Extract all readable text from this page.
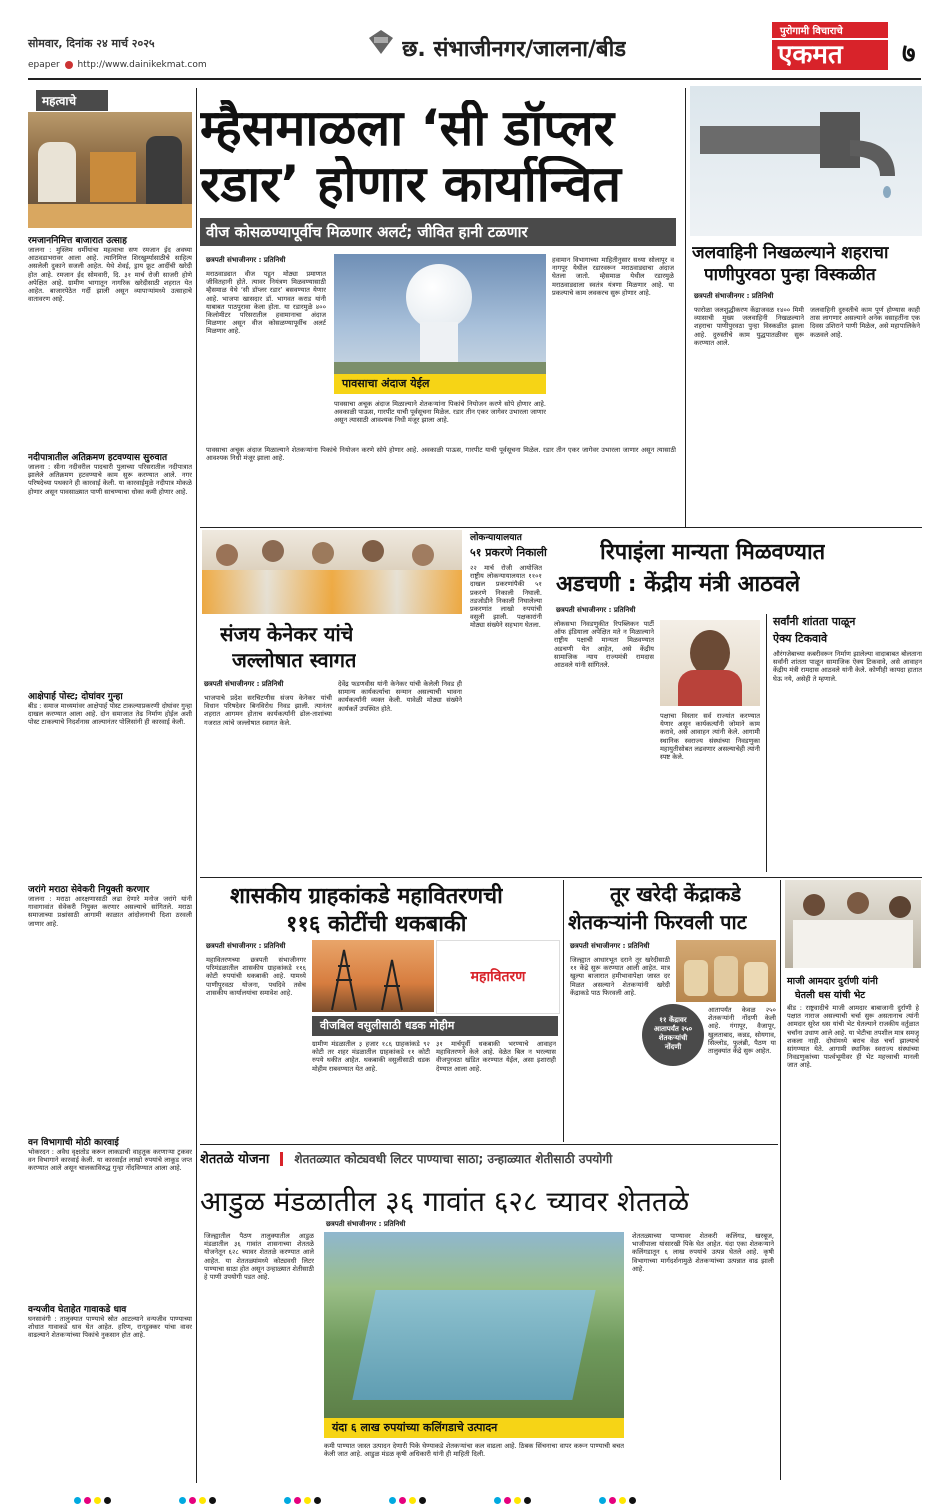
सोमवार, दिनांक २४ मार्च २०२५
epaper http://www.dainikekmat.com
छ. संभाजीनगर/जालना/बीड
पुरोगामी विचाराचे
एकमत	७
महत्वाचे
रमजाननिमित्त बाजारात उत्साह
जालना : मुस्लिम धर्मीयांचा महत्वाचा सण रमजान ईद अवघ्या आठवडाभरावर आला आहे. त्यानिमित्त शिरखुर्म्यासाठीचे साहित्य असलेली दुकाने सजली आहेत. येथे शेवई, ड्राय फ्रूट आदींची खरेदी होत आहे. रमजान ईद सोमवारी, दि. ३१ मार्च रोजी साजरी होणे अपेक्षित आहे. ग्रामीण भागातून नागरिक खरेदीसाठी शहरात येत आहेत. बाजारपेठेत गर्दी झाली असून व्यापाऱ्यांमध्ये उत्साहाचे वातावरण आहे.
नदीपात्रातील अतिक्रमण हटवण्यास सुरुवात
जालना : सीना नदीवरील पादचारी पुलाच्या परिसरातील नदीपात्रात झालेले अतिक्रमण हटवण्याचे काम सुरू करण्यात आले. नगर परिषदेच्या पथकाने ही कारवाई केली. या कारवाईमुळे नदीपात्र मोकळे होणार असून पावसाळ्यात पाणी साचण्याचा धोका कमी होणार आहे.
आक्षेपार्ह पोस्ट; दोघांवर गुन्हा
बीड : समाज माध्यमांवर आक्षेपार्ह पोस्ट टाकल्याप्रकरणी दोघांवर गुन्हा दाखल करण्यात आला आहे. दोन समाजात तेढ निर्माण होईल अशी पोस्ट टाकल्याचे निदर्शनास आल्यानंतर पोलिसांनी ही कारवाई केली.
जरांगे मराठा सेवेकरी नियुक्ती करणार
जालना : मराठा आरक्षणासाठी लढा देणारे मनोज जरांगे यांनी गावागावांत सेवेकरी नियुक्त करणार असल्याचे सांगितले. मराठा समाजाच्या प्रश्नांसाठी आगामी काळात आंदोलनाची दिशा ठरवली जाणार आहे.
वन विभागाची मोठी कारवाई
भोकरदन : अवैध वृक्षतोड करून लाकडाची वाहतूक करणाऱ्या ट्रकवर वन विभागाने कारवाई केली. या कारवाईत लाखो रुपयांचे लाकूड जप्त करण्यात आले असून चालकाविरुद्ध गुन्हा नोंदविण्यात आला आहे.
वन्यजीव घेताहेत गावाकडे धाव
घनसावंगी : तालुक्यात पाण्याचे स्रोत आटल्याने वन्यजीव पाण्याच्या शोधात गावाकडे धाव घेत आहेत. हरिण, रानडुक्कर यांचा वावर वाढल्याने शेतकऱ्यांच्या पिकांचे नुकसान होत आहे.
म्हैसमाळला ‘सी डॉप्लर
रडार’ होणार कार्यान्वित
वीज कोसळण्यापूर्वीच मिळणार अलर्ट; जीवित हानी टळणार
छत्रपती संभाजीनगर : प्रतिनिधी
मराठवाड्यात वीज पडून मोठ्या प्रमाणात जीवितहानी होते. त्यावर नियंत्रण मिळवण्यासाठी म्हैसमाळ येथे ‘सी डॉप्लर रडार’ बसवण्यात येणार आहे. भाजपा खासदार डॉ. भागवत कराड यांनी याबाबत पाठपुरावा केला होता. या रडारमुळे ४०० किलोमीटर परिसरातील हवामानाचा अंदाज मिळणार असून वीज कोसळण्यापूर्वीच अलर्ट मिळणार आहे.
पावसाचा अंदाज येईल
पावसाचा अचूक अंदाज मिळाल्याने शेतकऱ्यांना पिकांचे नियोजन करणे सोपे होणार आहे. अवकाळी पाऊस, गारपीट याची पूर्वसूचना मिळेल. रडार तीन एकर जागेवर उभारला जाणार असून त्यासाठी आवश्यक निधी मंजूर झाला आहे.
हवामान विभागाच्या माहितीनुसार सध्या सोलापूर व नागपूर येथील रडारवरून मराठवाड्याचा अंदाज घेतला जातो. म्हैसमाळ येथील रडारमुळे मराठवाड्याला स्वतंत्र यंत्रणा मिळणार आहे. या प्रकल्पाचे काम लवकरच सुरू होणार आहे.
पावसाचा अचूक अंदाज मिळाल्याने शेतकऱ्यांना पिकांचे नियोजन करणे सोपे होणार आहे. अवकाळी पाऊस, गारपीट याची पूर्वसूचना मिळेल. रडार तीन एकर जागेवर उभारला जाणार असून त्यासाठी आवश्यक निधी मंजूर झाला आहे.
जलवाहिनी निखळल्याने शहराचा
पाणीपुरवठा पुन्हा विस्कळीत
छत्रपती संभाजीनगर : प्रतिनिधी
फारोळा जलशुद्धीकरण केंद्राजवळ १४०० मिमी व्यासाची मुख्य जलवाहिनी निखळल्याने शहराचा पाणीपुरवठा पुन्हा विस्कळीत झाला आहे. दुरुस्तीचे काम युद्धपातळीवर सुरू करण्यात आले.
जलवाहिनी दुरुस्तीचे काम पूर्ण होण्यास काही तास लागणार असल्याने अनेक वसाहतींना एक दिवस उशिराने पाणी मिळेल, असे महापालिकेने कळवले आहे.
संजय केनेकर यांचे
जल्लोषात स्वागत
छत्रपती संभाजीनगर : प्रतिनिधी
भाजपाचे प्रदेश सरचिटणीस संजय केनेकर यांची विधान परिषदेवर बिनविरोध निवड झाली. त्यानंतर शहरात आगमन होताच कार्यकर्त्यांनी ढोल-ताशांच्या गजरात त्यांचे जल्लोषात स्वागत केले.
देवेंद्र फडणवीस यांनी केनेकर यांची केलेली निवड ही सामान्य कार्यकर्त्याचा सन्मान असल्याची भावना कार्यकर्त्यांनी व्यक्त केली. यावेळी मोठ्या संख्येने कार्यकर्ते उपस्थित होते.
लोकन्यायालयात
५१ प्रकरणे निकाली
२२ मार्च रोजी आयोजित राष्ट्रीय लोकन्यायालयात ११०१ दाखल प्रकरणांपैकी ५१ प्रकरणे निकाली निघाली. तडजोडीने निकाली निघालेल्या प्रकरणांत लाखो रुपयांची वसुली झाली. पक्षकारांनी मोठ्या संख्येने सहभाग घेतला.
रिपाइंला मान्यता मिळवण्यात
अडचणी : केंद्रीय मंत्री आठवले
छत्रपती संभाजीनगर : प्रतिनिधी
लोकसभा निवडणुकीत रिपब्लिकन पार्टी ऑफ इंडियाला अपेक्षित मते न मिळाल्याने राष्ट्रीय पक्षाची मान्यता मिळवण्यात अडचणी येत आहेत, असे केंद्रीय सामाजिक न्याय राज्यमंत्री रामदास आठवले यांनी सांगितले.
पक्षाचा विस्तार सर्व राज्यांत करण्यात येणार असून कार्यकर्त्यांनी जोमाने काम करावे, असे आवाहन त्यांनी केले. आगामी स्थानिक स्वराज्य संस्थांच्या निवडणुका महायुतीसोबत लढवणार असल्याचेही त्यांनी स्पष्ट केले.
सर्वांनी शांतता पाळून
ऐक्य टिकवावे
औरंगजेबाच्या कबरीवरून निर्माण झालेल्या वादाबाबत बोलताना सर्वांनी शांतता पाळून सामाजिक ऐक्य टिकवावे, असे आवाहन केंद्रीय मंत्री रामदास आठवले यांनी केले. कोणीही कायदा हातात घेऊ नये, असेही ते म्हणाले.
शासकीय ग्राहकांकडे महावितरणची
११६ कोटींची थकबाकी
छत्रपती संभाजीनगर : प्रतिनिधी
महावितरणच्या छत्रपती संभाजीनगर परिमंडळातील शासकीय ग्राहकांकडे ११६ कोटी रुपयांची थकबाकी आहे. यामध्ये पाणीपुरवठा योजना, पथदिवे तसेच शासकीय कार्यालयांचा समावेश आहे.
महावितरण
वीजबिल वसुलीसाठी धडक मोहीम
ग्रामीण मंडळातील ३ हजार १८६ ग्राहकांकडे ९२ कोटी तर शहर मंडळातील ग्राहकांकडे ११ कोटी रुपये थकीत आहेत. थकबाकी वसुलीसाठी धडक मोहीम राबवण्यात येत आहे.
३१ मार्चपूर्वी थकबाकी भरण्याचे आवाहन महावितरणने केले आहे. वेळेत बिल न भरल्यास वीजपुरवठा खंडित करण्यात येईल, असा इशाराही देण्यात आला आहे.
तूर खरेदी केंद्राकडे
शेतकऱ्यांनी फिरवली पाट
छत्रपती संभाजीनगर : प्रतिनिधी
जिल्ह्यात आधारभूत दराने तूर खरेदीसाठी ११ केंद्रे सुरू करण्यात आली आहेत. मात्र खुल्या बाजारात हमीभावापेक्षा जास्त दर मिळत असल्याने शेतकऱ्यांनी खरेदी केंद्राकडे पाठ फिरवली आहे.
११ केंद्रावर
आतापर्यंत २५०
शेतकऱ्यांची
नोंदणी
आतापर्यंत केवळ २५० शेतकऱ्यांनी नोंदणी केली आहे. गंगापूर, वैजापूर, खुलताबाद, कन्नड, सोयगाव, सिल्लोड, फुलंब्री, पैठण या तालुक्यांत केंद्रे सुरू आहेत.
माजी आमदार दुर्राणी यांनी
घेतली धस यांची भेट
बीड : राष्ट्रवादीचे माजी आमदार बाबाजानी दुर्राणी हे पक्षात नाराज असल्याची चर्चा सुरू असतानाच त्यांनी आमदार सुरेश धस यांची भेट घेतल्याने राजकीय वर्तुळात चर्चांना उधाण आले आहे. या भेटीचा तपशील मात्र समजू शकला नाही. दोघांमध्ये बराच वेळ चर्चा झाल्याचे सांगण्यात येते. आगामी स्थानिक स्वराज्य संस्थांच्या निवडणुकांच्या पार्श्वभूमीवर ही भेट महत्त्वाची मानली जात आहे.
शेततळे योजना शेततळ्यात कोट्यवधी लिटर पाण्याचा साठा; उन्हाळ्यात शेतीसाठी उपयोगी
आडुळ मंडळातील ३६ गावांत ६२८ च्यावर शेततळे
छत्रपती संभाजीनगर : प्रतिनिधी
जिल्ह्यातील पैठण तालुक्यातील आडुळ मंडळातील ३६ गावांत शासनाच्या शेततळे योजनेतून ६२८ च्यावर शेततळे करण्यात आले आहेत. या शेततळ्यांमध्ये कोट्यवधी लिटर पाण्याचा साठा होत असून उन्हाळ्यात शेतीसाठी हे पाणी उपयोगी पडत आहे.
यंदा ६ लाख रुपयांच्या कलिंगडाचे उत्पादन
कमी पाण्यात जास्त उत्पादन देणारी पिके घेण्याकडे शेतकऱ्यांचा कल वाढला आहे. ठिबक सिंचनाचा वापर करून पाण्याची बचत केली जात आहे. आडुळ मंडळ कृषी अधिकारी यांनी ही माहिती दिली.
शेततळ्याच्या पाण्यावर शेतकरी कलिंगड, खरबूज, भाजीपाला यांसारखी पिके घेत आहेत. यंदा एका शेतकऱ्याने कलिंगडातून ६ लाख रुपयांचे उत्पन्न घेतले आहे. कृषी विभागाच्या मार्गदर्शनामुळे शेतकऱ्यांच्या उत्पन्नात वाढ झाली आहे.
